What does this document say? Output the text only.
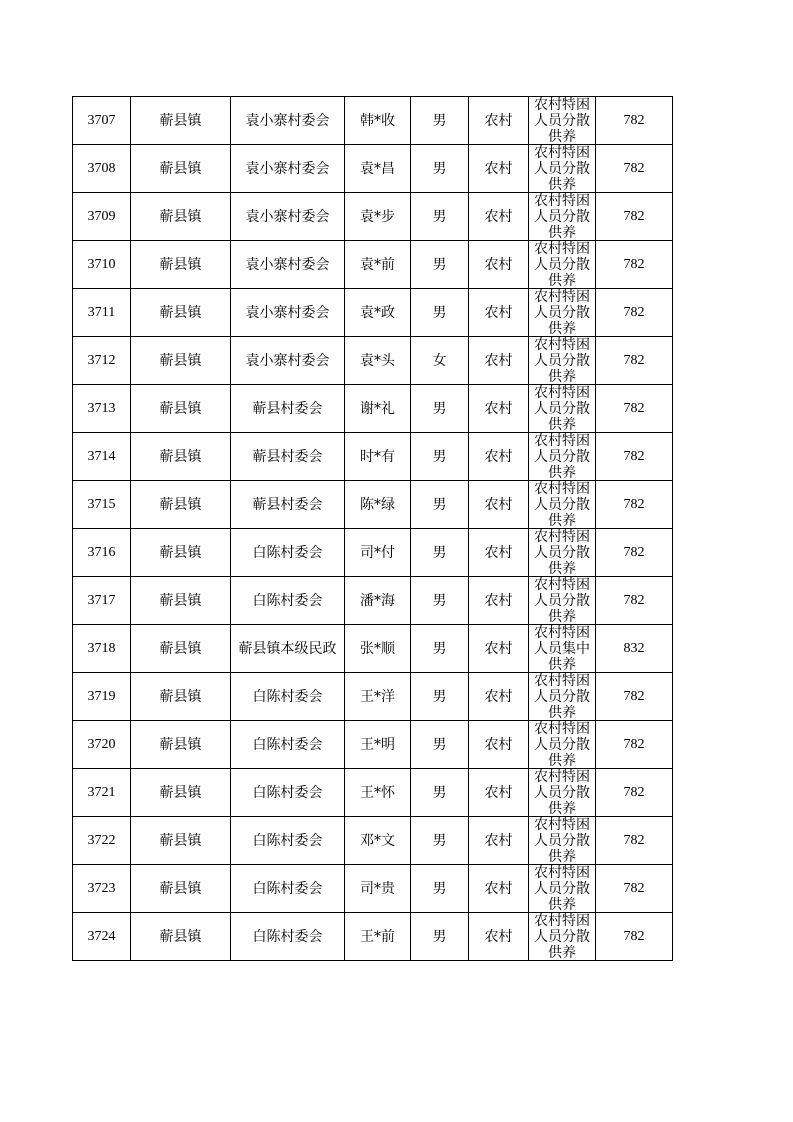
3707	蕲县镇	袁小寨村委会	韩*收	男	农村	农村特困人员分散供养	782
3708	蕲县镇	袁小寨村委会	袁*昌	男	农村	农村特困人员分散供养	782
3709	蕲县镇	袁小寨村委会	袁*步	男	农村	农村特困人员分散供养	782
3710	蕲县镇	袁小寨村委会	袁*前	男	农村	农村特困人员分散供养	782
3711	蕲县镇	袁小寨村委会	袁*政	男	农村	农村特困人员分散供养	782
3712	蕲县镇	袁小寨村委会	袁*头	女	农村	农村特困人员分散供养	782
3713	蕲县镇	蕲县村委会	谢*礼	男	农村	农村特困人员分散供养	782
3714	蕲县镇	蕲县村委会	时*有	男	农村	农村特困人员分散供养	782
3715	蕲县镇	蕲县村委会	陈*绿	男	农村	农村特困人员分散供养	782
3716	蕲县镇	白陈村委会	司*付	男	农村	农村特困人员分散供养	782
3717	蕲县镇	白陈村委会	潘*海	男	农村	农村特困人员分散供养	782
3718	蕲县镇	蕲县镇本级民政	张*顺	男	农村	农村特困人员集中供养	832
3719	蕲县镇	白陈村委会	王*洋	男	农村	农村特困人员分散供养	782
3720	蕲县镇	白陈村委会	王*明	男	农村	农村特困人员分散供养	782
3721	蕲县镇	白陈村委会	王*怀	男	农村	农村特困人员分散供养	782
3722	蕲县镇	白陈村委会	邓*文	男	农村	农村特困人员分散供养	782
3723	蕲县镇	白陈村委会	司*贵	男	农村	农村特困人员分散供养	782
3724	蕲县镇	白陈村委会	王*前	男	农村	农村特困人员分散供养	782
